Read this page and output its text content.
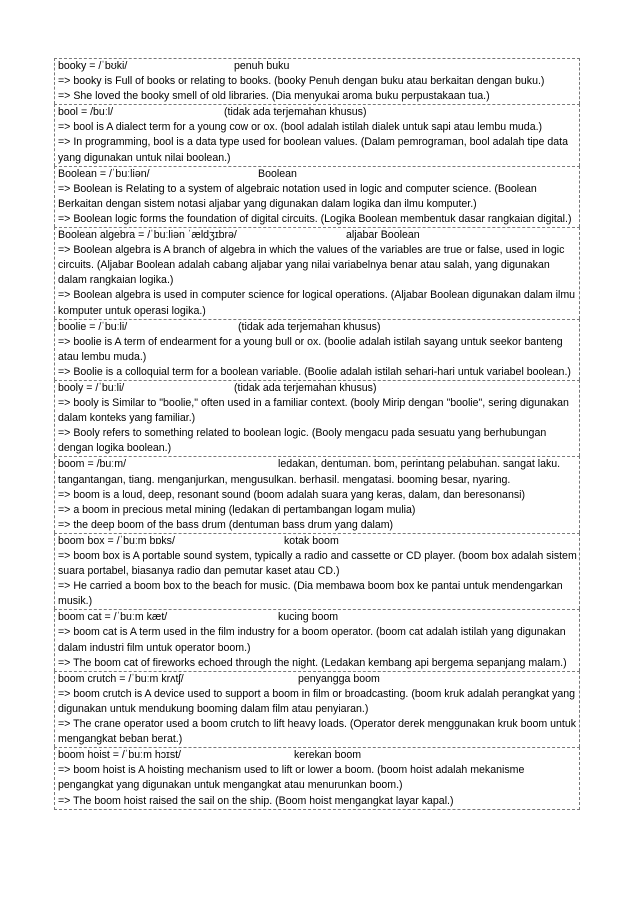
booky = /ˈbʊki/	penuh buku
=> booky is Full of books or relating to books. (booky Penuh dengan buku atau berkaitan dengan buku.)
=> She loved the booky smell of old libraries. (Dia menyukai aroma buku perpustakaan tua.)
bool = /buːl/	(tidak ada terjemahan khusus)
=> bool is A dialect term for a young cow or ox. (bool adalah istilah dialek untuk sapi atau lembu muda.)
=> In programming, bool is a data type used for boolean values. (Dalam pemrograman, bool adalah tipe data yang digunakan untuk nilai boolean.)
Boolean = /ˈbuːliən/	Boolean
=> Boolean is Relating to a system of algebraic notation used in logic and computer science. (Boolean Berkaitan dengan sistem notasi aljabar yang digunakan dalam logika dan ilmu komputer.)
=> Boolean logic forms the foundation of digital circuits. (Logika Boolean membentuk dasar rangkaian digital.)
Boolean algebra = /ˈbuːliən ˈældʒɪbrə/	aljabar Boolean
=> Boolean algebra is A branch of algebra in which the values of the variables are true or false, used in logic circuits. (Aljabar Boolean adalah cabang aljabar yang nilai variabelnya benar atau salah, yang digunakan dalam rangkaian logika.)
=> Boolean algebra is used in computer science for logical operations. (Aljabar Boolean digunakan dalam ilmu komputer untuk operasi logika.)
boolie = /ˈbuːli/	(tidak ada terjemahan khusus)
=> boolie is A term of endearment for a young bull or ox. (boolie adalah istilah sayang untuk seekor banteng atau lembu muda.)
=> Boolie is a colloquial term for a boolean variable. (Boolie adalah istilah sehari-hari untuk variabel boolean.)
booly = /ˈbuːli/	(tidak ada terjemahan khusus)
=> booly is Similar to "boolie," often used in a familiar context. (booly Mirip dengan "boolie", sering digunakan dalam konteks yang familiar.)
=> Booly refers to something related to boolean logic. (Booly mengacu pada sesuatu yang berhubungan dengan logika boolean.)
boom = /buːm/	ledakan, dentuman. bom, perintang pelabuhan. sangat laku. tangantangan, tiang. menganjurkan, mengusulkan. berhasil. mengatasi. booming besar, nyaring.
=> boom is a loud, deep, resonant sound (boom adalah suara yang keras, dalam, dan beresonansi)
=> a boom in precious metal mining (ledakan di pertambangan logam mulia)
=> the deep boom of the bass drum (dentuman bass drum yang dalam)
boom box = /ˈbuːm bɒks/	kotak boom
=> boom box is A portable sound system, typically a radio and cassette or CD player. (boom box adalah sistem suara portabel, biasanya radio dan pemutar kaset atau CD.)
=> He carried a boom box to the beach for music. (Dia membawa boom box ke pantai untuk mendengarkan musik.)
boom cat = /ˈbuːm kæt/	kucing boom
=> boom cat is A term used in the film industry for a boom operator. (boom cat adalah istilah yang digunakan dalam industri film untuk operator boom.)
=> The boom cat of fireworks echoed through the night. (Ledakan kembang api bergema sepanjang malam.)
boom crutch = /ˈbuːm krʌtʃ/	penyangga boom
=> boom crutch is A device used to support a boom in film or broadcasting. (boom kruk adalah perangkat yang digunakan untuk mendukung booming dalam film atau penyiaran.)
=> The crane operator used a boom crutch to lift heavy loads. (Operator derek menggunakan kruk boom untuk mengangkat beban berat.)
boom hoist = /ˈbuːm hɔɪst/	kerekan boom
=> boom hoist is A hoisting mechanism used to lift or lower a boom. (boom hoist adalah mekanisme pengangkat yang digunakan untuk mengangkat atau menurunkan boom.)
=> The boom hoist raised the sail on the ship. (Boom hoist mengangkat layar kapal.)
